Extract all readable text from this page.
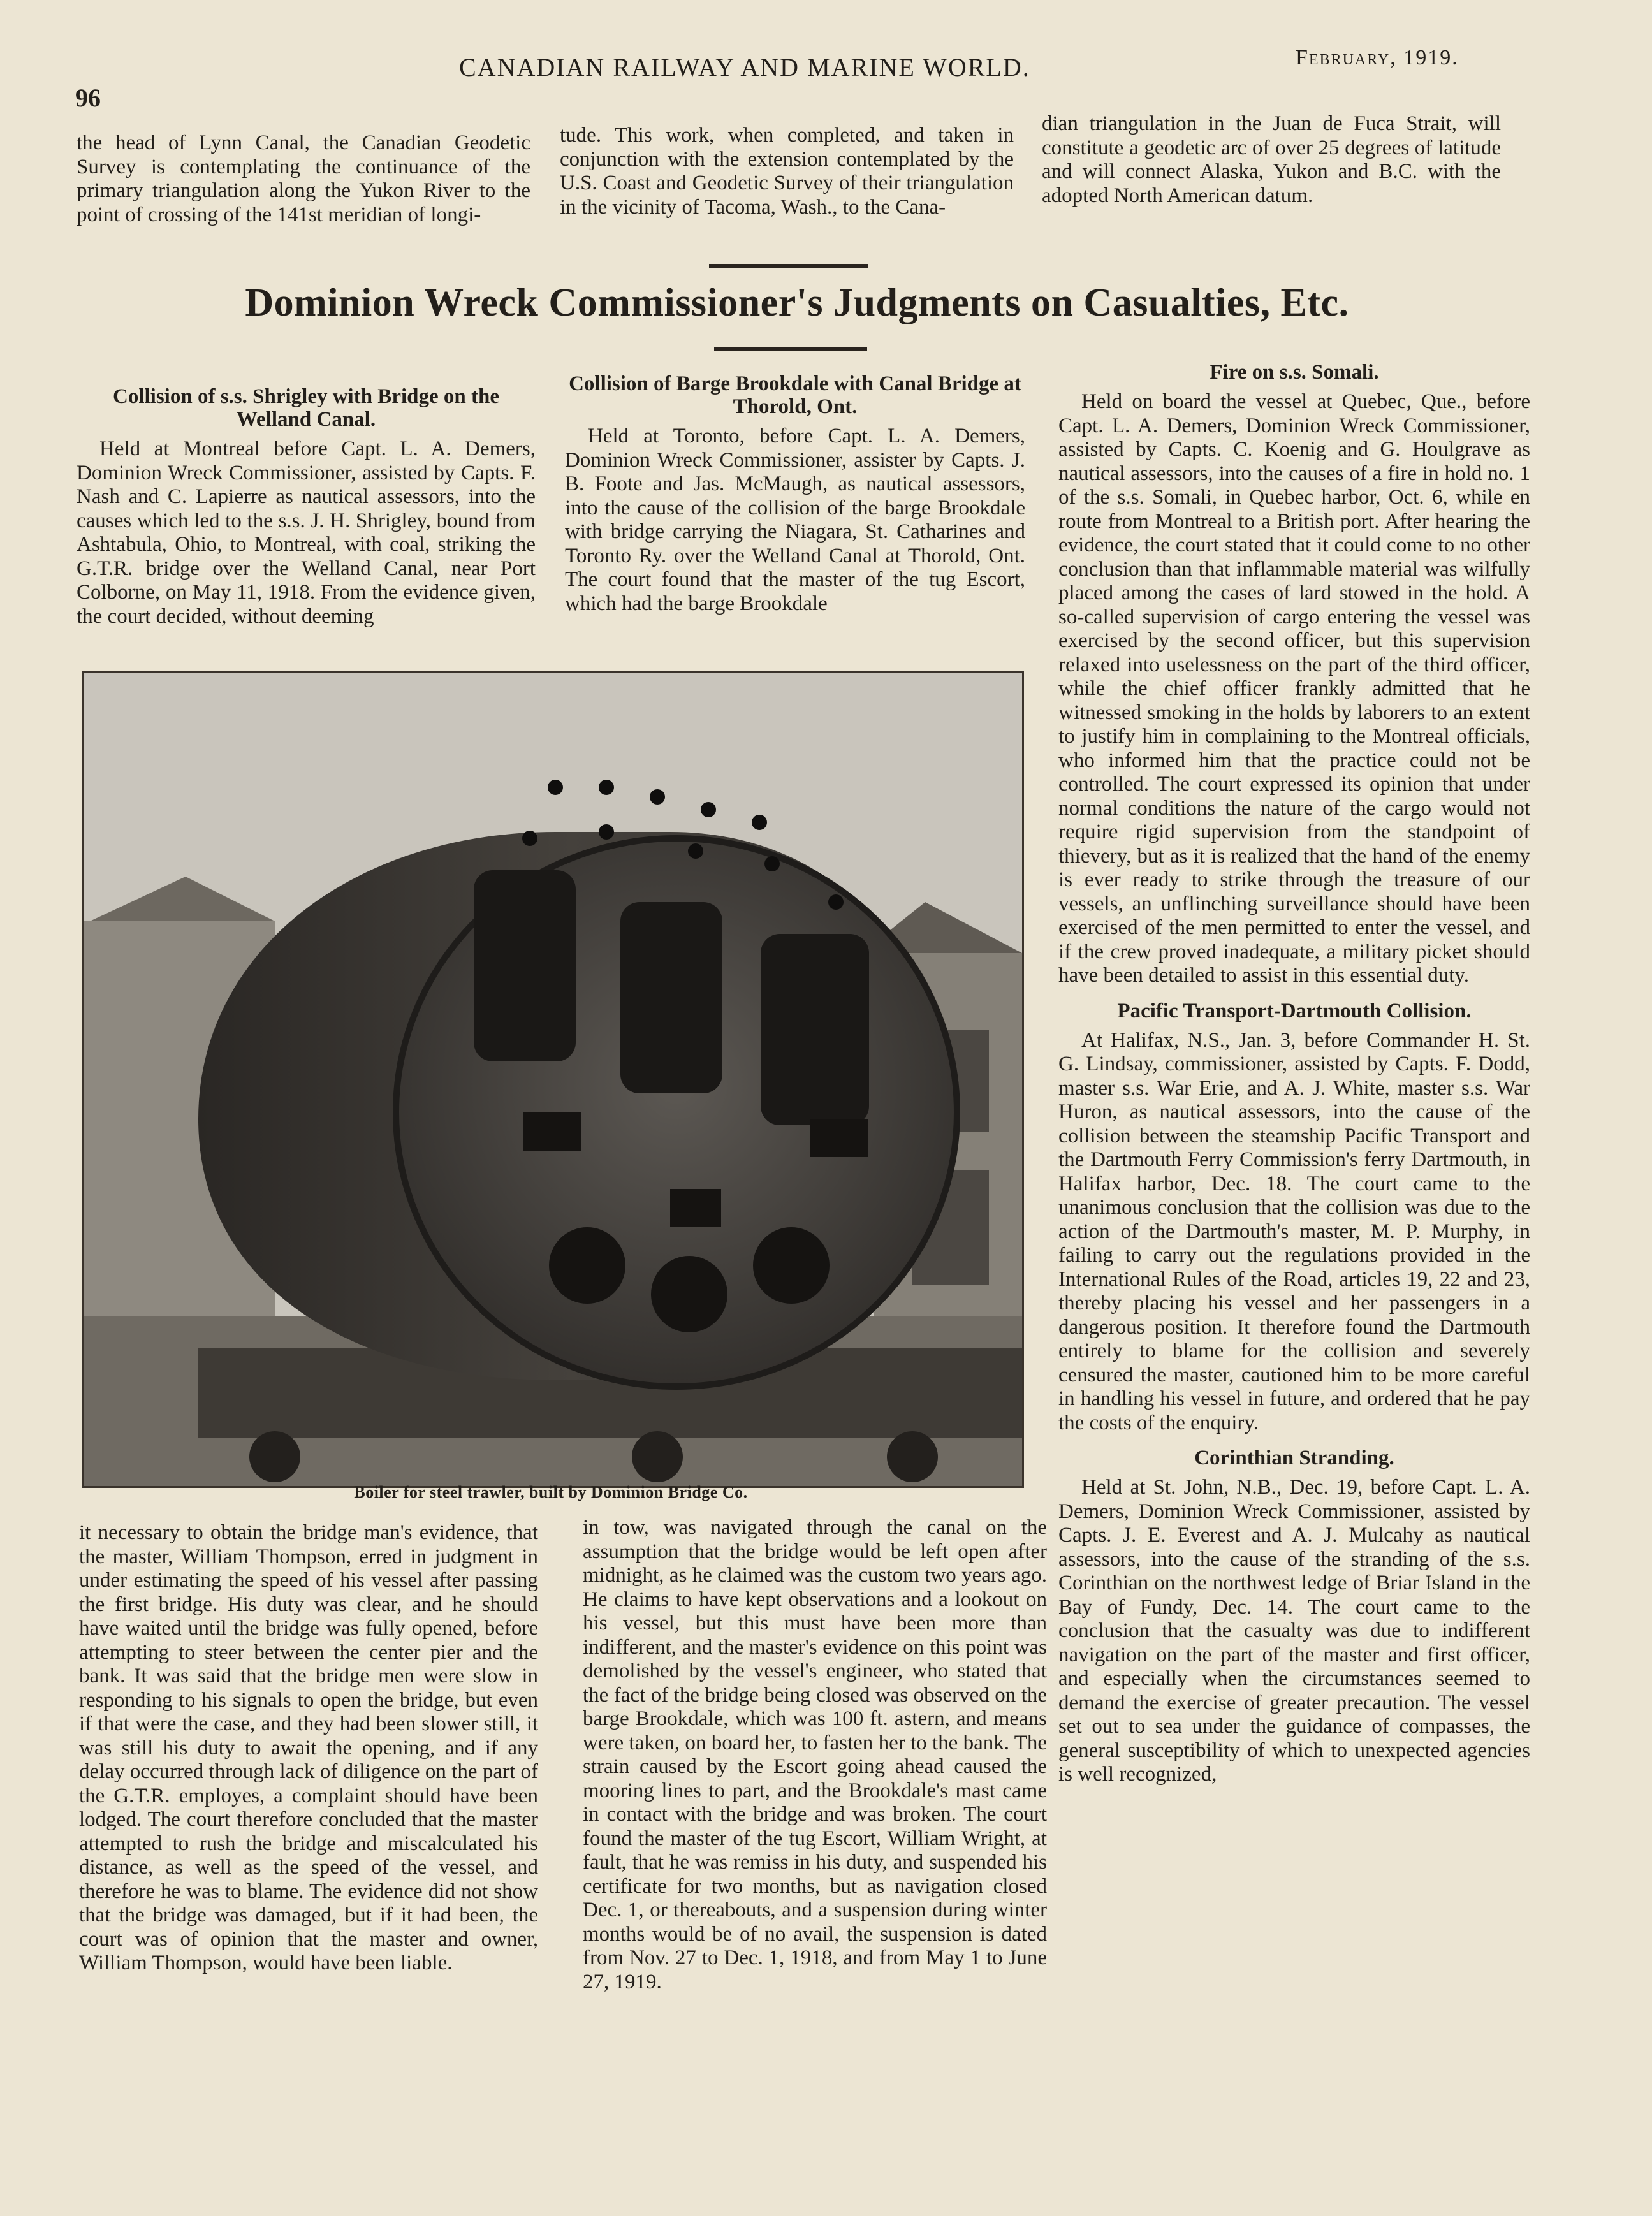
96
CANADIAN RAILWAY AND MARINE WORLD.	February, 1919.

the head of Lynn Canal, the Canadian Geodetic Survey is contemplating the continuance of the primary triangulation along the Yukon River to the point of crossing of the 141st meridian of longi-

tude. This work, when completed, and taken in conjunction with the extension contemplated by the U.S. Coast and Geodetic Survey of their triangulation in the vicinity of Tacoma, Wash., to the Cana-

dian triangulation in the Juan de Fuca Strait, will constitute a geodetic arc of over 25 degrees of latitude and will connect Alaska, Yukon and B.C. with the adopted North American datum.

Dominion Wreck Commissioner's Judgments on Casualties, Etc.
Collision of s.s. Shrigley with Bridge on the Welland Canal.

Held at Montreal before Capt. L. A. Demers, Dominion Wreck Commissioner, assisted by Capts. F. Nash and C. Lapierre as nautical assessors, into the causes which led to the s.s. J. H. Shrigley, bound from Ashtabula, Ohio, to Montreal, with coal, striking the G.T.R. bridge over the Welland Canal, near Port Colborne, on May 11, 1918. From the evidence given, the court decided, without deeming

Collision of Barge Brookdale with Canal Bridge at Thorold, Ont.

Held at Toronto, before Capt. L. A. Demers, Dominion Wreck Commissioner, assister by Capts. J. B. Foote and Jas. McMaugh, as nautical assessors, into the cause of the collision of the barge Brookdale with bridge carrying the Niagara, St. Catharines and Toronto Ry. over the Welland Canal at Thorold, Ont. The court found that the master of the tug Escort, which had the barge Brookdale

Boiler for steel trawler, built by Dominion Bridge Co.

it necessary to obtain the bridge man's evidence, that the master, William Thompson, erred in judgment in under estimating the speed of his vessel after passing the first bridge. His duty was clear, and he should have waited until the bridge was fully opened, before attempting to steer between the center pier and the bank. It was said that the bridge men were slow in responding to his signals to open the bridge, but even if that were the case, and they had been slower still, it was still his duty to await the opening, and if any delay occurred through lack of diligence on the part of the G.T.R. employes, a complaint should have been lodged. The court therefore concluded that the master attempted to rush the bridge and miscalculated his distance, as well as the speed of the vessel, and therefore he was to blame. The evidence did not show that the bridge was damaged, but if it had been, the court was of opinion that the master and owner, William Thompson, would have been liable.

in tow, was navigated through the canal on the assumption that the bridge would be left open after midnight, as he claimed was the custom two years ago. He claims to have kept observations and a lookout on his vessel, but this must have been more than indifferent, and the master's evidence on this point was demolished by the vessel's engineer, who stated that the fact of the bridge being closed was observed on the barge Brookdale, which was 100 ft. astern, and means were taken, on board her, to fasten her to the bank. The strain caused by the Escort going ahead caused the mooring lines to part, and the Brookdale's mast came in contact with the bridge and was broken. The court found the master of the tug Escort, William Wright, at fault, that he was remiss in his duty, and suspended his certificate for two months, but as navigation closed Dec. 1, or thereabouts, and a suspension during winter months would be of no avail, the suspension is dated from Nov. 27 to Dec. 1, 1918, and from May 1 to June 27, 1919.

Fire on s.s. Somali.

Held on board the vessel at Quebec, Que., before Capt. L. A. Demers, Dominion Wreck Commissioner, assisted by Capts. C. Koenig and G. Houlgrave as nautical assessors, into the causes of a fire in hold no. 1 of the s.s. Somali, in Quebec harbor, Oct. 6, while en route from Montreal to a British port. After hearing the evidence, the court stated that it could come to no other conclusion than that inflammable material was wilfully placed among the cases of lard stowed in the hold. A so-called supervision of cargo entering the vessel was exercised by the second officer, but this supervision relaxed into uselessness on the part of the third officer, while the chief officer frankly admitted that he witnessed smoking in the holds by laborers to an extent to justify him in complaining to the Montreal officials, who informed him that the practice could not be controlled. The court expressed its opinion that under normal conditions the nature of the cargo would not require rigid supervision from the standpoint of thievery, but as it is realized that the hand of the enemy is ever ready to strike through the treasure of our vessels, an unflinching surveillance should have been exercised of the men permitted to enter the vessel, and if the crew proved inadequate, a military picket should have been detailed to assist in this essential duty.

Pacific Transport-Dartmouth Collision.

At Halifax, N.S., Jan. 3, before Commander H. St. G. Lindsay, commissioner, assisted by Capts. F. Dodd, master s.s. War Erie, and A. J. White, master s.s. War Huron, as nautical assessors, into the cause of the collision between the steamship Pacific Transport and the Dartmouth Ferry Commission's ferry Dartmouth, in Halifax harbor, Dec. 18. The court came to the unanimous conclusion that the collision was due to the action of the Dartmouth's master, M. P. Murphy, in failing to carry out the regulations provided in the International Rules of the Road, articles 19, 22 and 23, thereby placing his vessel and her passengers in a dangerous position. It therefore found the Dartmouth entirely to blame for the collision and severely censured the master, cautioned him to be more careful in handling his vessel in future, and ordered that he pay the costs of the enquiry.

Corinthian Stranding.

Held at St. John, N.B., Dec. 19, before Capt. L. A. Demers, Dominion Wreck Commissioner, assisted by Capts. J. E. Everest and A. J. Mulcahy as nautical assessors, into the cause of the stranding of the s.s. Corinthian on the northwest ledge of Briar Island in the Bay of Fundy, Dec. 14. The court came to the conclusion that the casualty was due to indifferent navigation on the part of the master and first officer, and especially when the circumstances seemed to demand the exercise of greater precaution. The vessel set out to sea under the guidance of compasses, the general susceptibility of which to unexpected agencies is well recognized,
